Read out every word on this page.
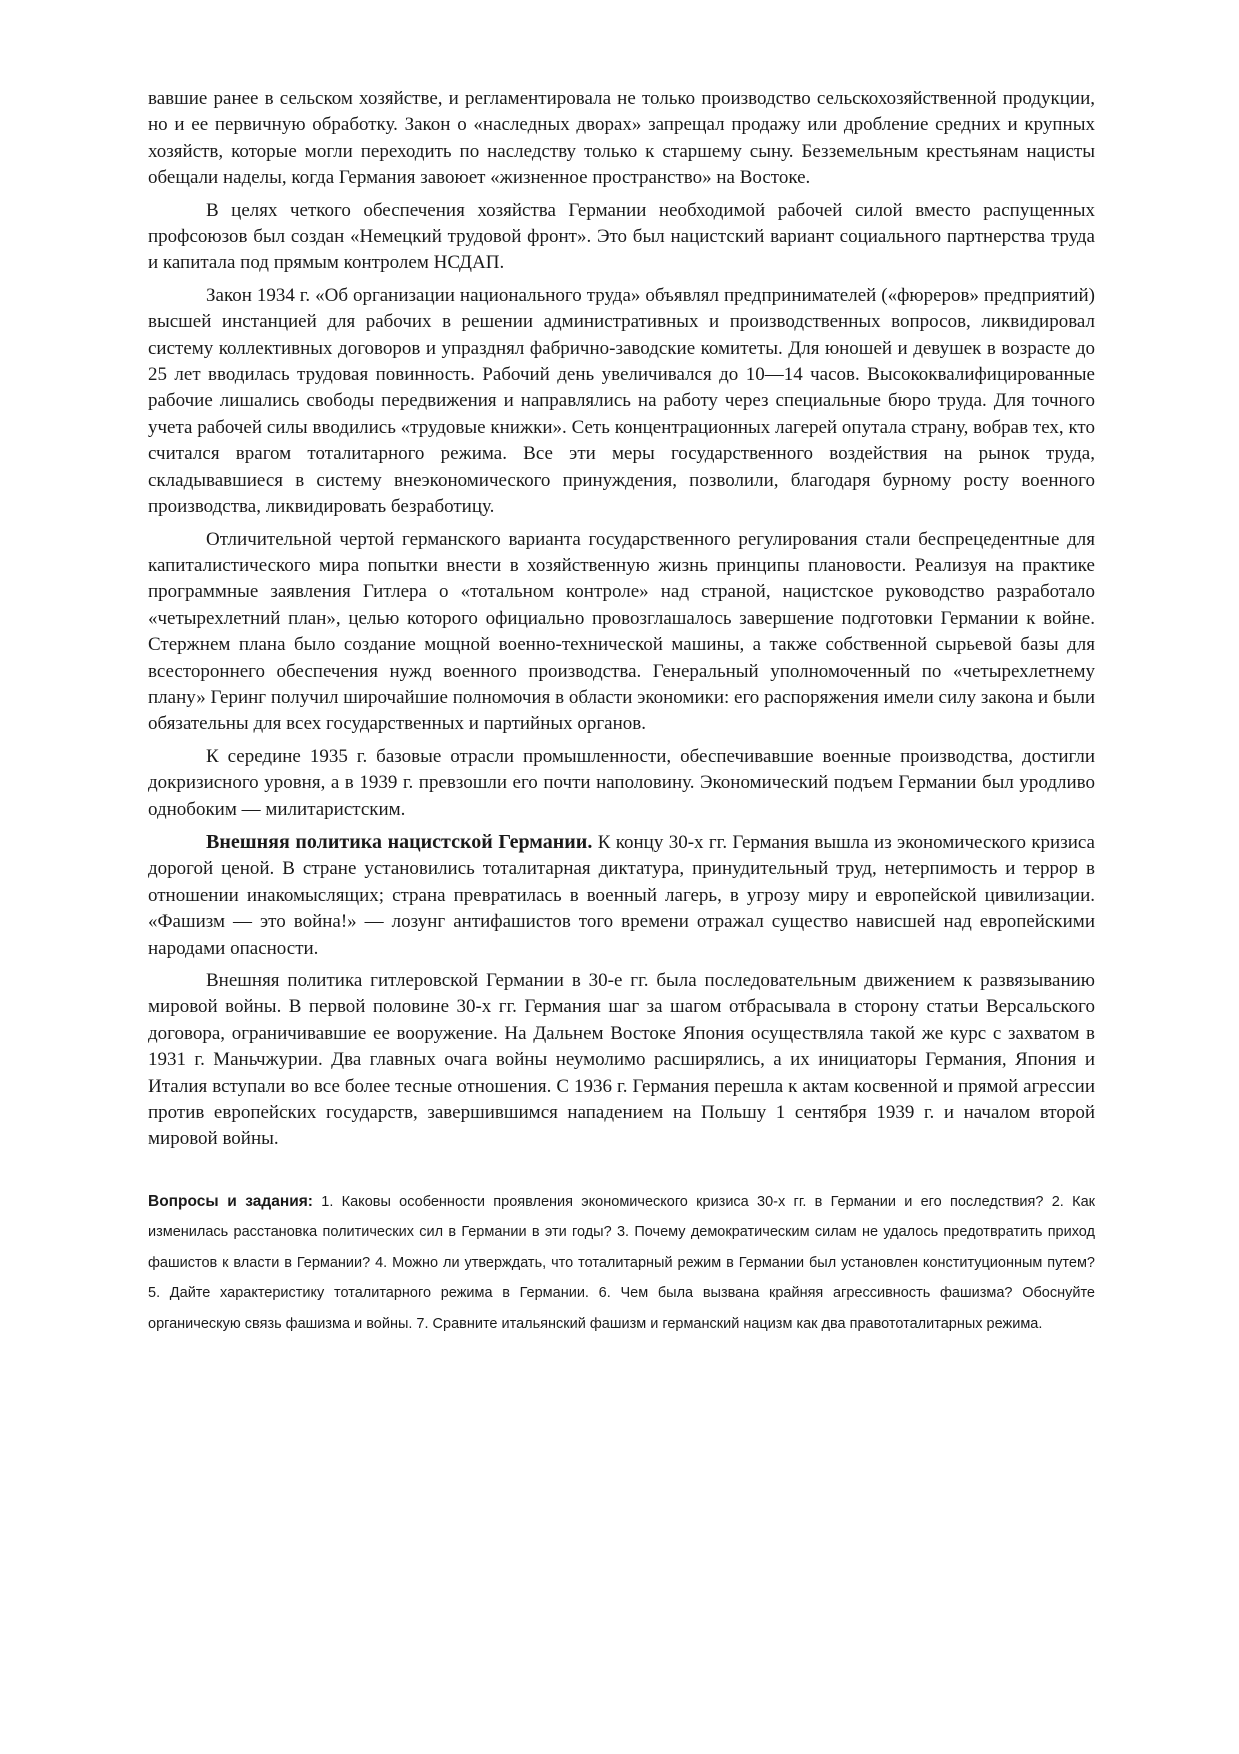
вавшие ранее в сельском хозяйстве, и регламентировала не только производство сельскохозяйственной продукции, но и ее первичную обработку. Закон о «наследных дворах» запрещал продажу или дробление средних и крупных хозяйств, которые могли переходить по наследству только к старшему сыну. Безземельным крестьянам нацисты обещали наделы, когда Германия завоюет «жизненное пространство» на Востоке.

В целях четкого обеспечения хозяйства Германии необходимой рабочей силой вместо распущенных профсоюзов был создан «Немецкий трудовой фронт». Это был нацистский вариант социального партнерства труда и капитала под прямым контролем НСДАП.

Закон 1934 г. «Об организации национального труда» объявлял предпринимателей («фюреров» предприятий) высшей инстанцией для рабочих в решении административных и производственных вопросов, ликвидировал систему коллективных договоров и упразднял фабрично-заводские комитеты. Для юношей и девушек в возрасте до 25 лет вводилась трудовая повинность. Рабочий день увеличивался до 10—14 часов. Высококвалифицированные рабочие лишались свободы передвижения и направлялись на работу через специальные бюро труда. Для точного учета рабочей силы вводились «трудовые книжки». Сеть концентрационных лагерей опутала страну, вобрав тех, кто считался врагом тоталитарного режима. Все эти меры государственного воздействия на рынок труда, складывавшиеся в систему внеэкономического принуждения, позволили, благодаря бурному росту военного производства, ликвидировать безработицу.

Отличительной чертой германского варианта государственного регулирования стали беспрецедентные для капиталистического мира попытки внести в хозяйственную жизнь принципы плановости. Реализуя на практике программные заявления Гитлера о «тотальном контроле» над страной, нацистское руководство разработало «четырехлетний план», целью которого официально провозглашалось завершение подготовки Германии к войне. Стержнем плана было создание мощной военно-технической машины, а также собственной сырьевой базы для всестороннего обеспечения нужд военного производства. Генеральный уполномоченный по «четырехлетнему плану» Геринг получил широчайшие полномочия в области экономики: его распоряжения имели силу закона и были обязательны для всех государственных и партийных органов.

К середине 1935 г. базовые отрасли промышленности, обеспечивавшие военные производства, достигли докризисного уровня, а в 1939 г. превзошли его почти наполовину. Экономический подъем Германии был уродливо однобоким — милитаристским.

Внешняя политика нацистской Германии. К концу 30-х гг. Германия вышла из экономического кризиса дорогой ценой. В стране установились тоталитарная диктатура, принудительный труд, нетерпимость и террор в отношении инакомыслящих; страна превратилась в военный лагерь, в угрозу миру и европейской цивилизации. «Фашизм — это война!» — лозунг антифашистов того времени отражал существо нависшей над европейскими народами опасности.

Внешняя политика гитлеровской Германии в 30-е гг. была последовательным движением к развязыванию мировой войны. В первой половине 30-х гг. Германия шаг за шагом отбрасывала в сторону статьи Версальского договора, ограничивавшие ее вооружение. На Дальнем Востоке Япония осуществляла такой же курс с захватом в 1931 г. Маньчжурии. Два главных очага войны неумолимо расширялись, а их инициаторы Германия, Япония и Италия вступали во все более тесные отношения. С 1936 г. Германия перешла к актам косвенной и прямой агрессии против европейских государств, завершившимся нападением на Польшу 1 сентября 1939 г. и началом второй мировой войны.

Вопросы и задания: 1. Каковы особенности проявления экономического кризиса 30-х гг. в Германии и его последствия? 2. Как изменилась расстановка политических сил в Германии в эти годы? 3. Почему демократическим силам не удалось предотвратить приход фашистов к власти в Германии? 4. Можно ли утверждать, что тоталитарный режим в Германии был установлен конституционным путем? 5. Дайте характеристику тоталитарного режима в Германии. 6. Чем была вызвана крайняя агрессивность фашизма? Обоснуйте органическую связь фашизма и войны. 7. Сравните итальянский фашизм и германский нацизм как два правототалитарных режима.
